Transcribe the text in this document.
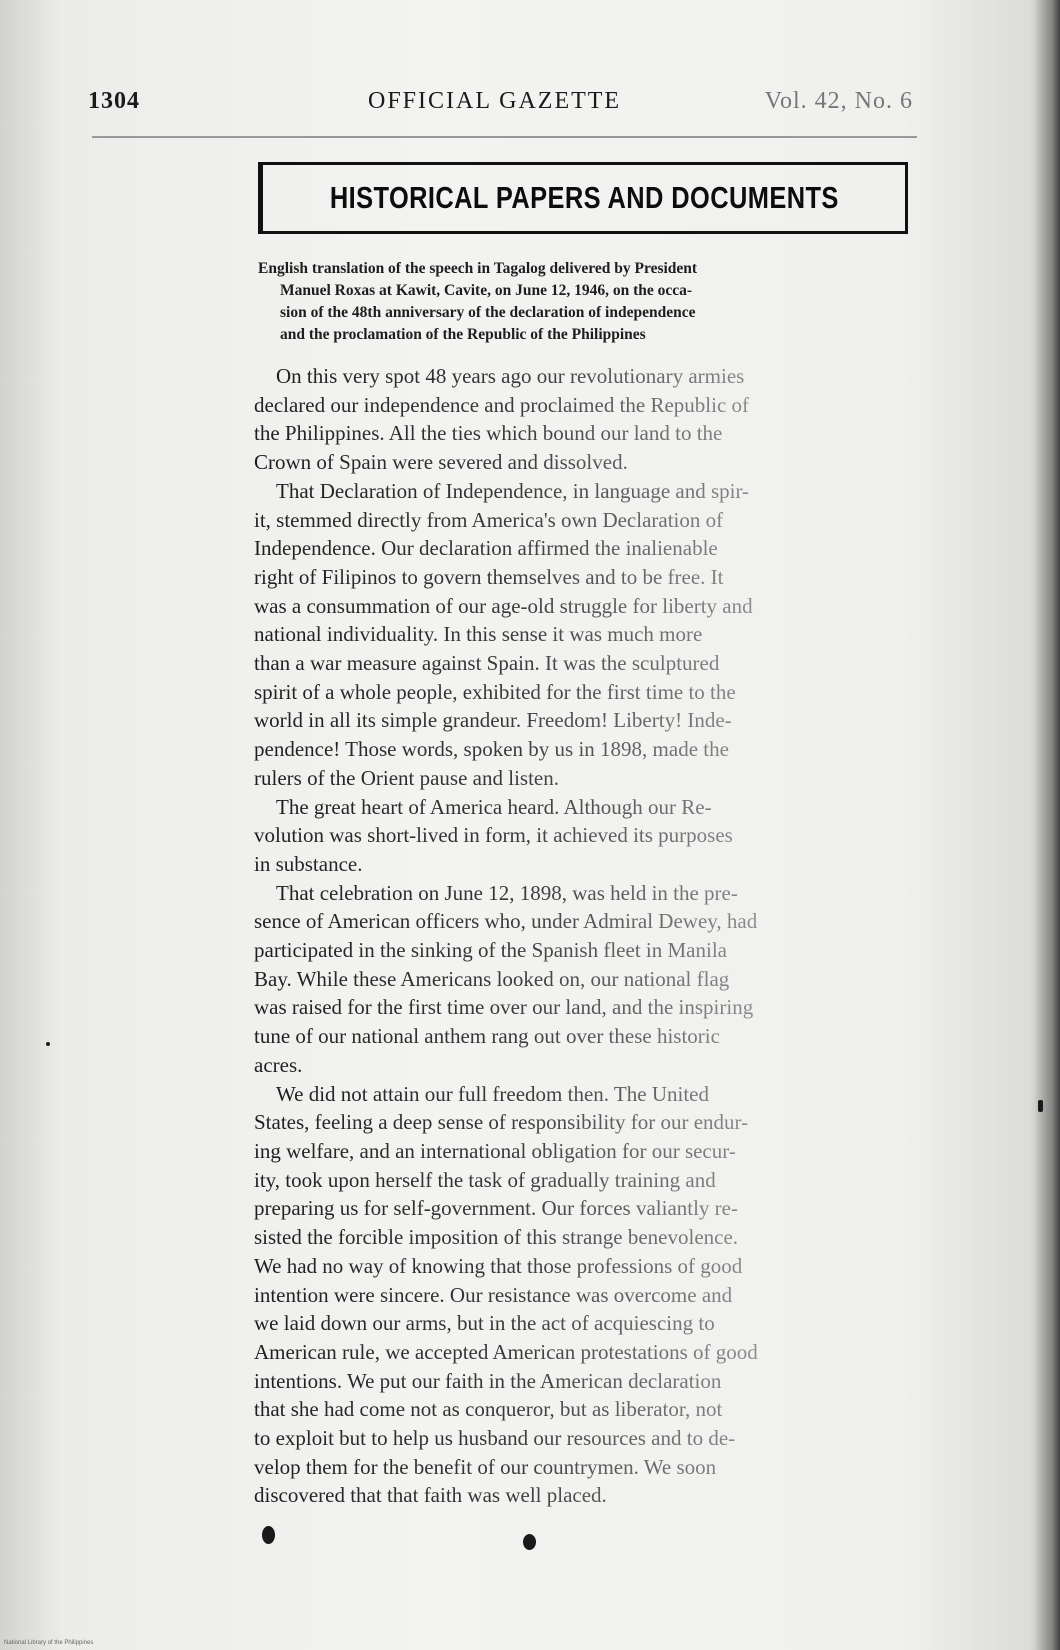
1304	OFFICIAL GAZETTE	Vol. 42, No. 6
HISTORICAL PAPERS AND DOCUMENTS
English translation of the speech in Tagalog delivered by President
Manuel Roxas at Kawit, Cavite, on June 12, 1946, on the occa-
sion of the 48th anniversary of the declaration of independence
and the proclamation of the Republic of the Philippines

On this very spot 48 years ago our revolutionary armies
declared our independence and proclaimed the Republic of
the Philippines. All the ties which bound our land to the
Crown of Spain were severed and dissolved.

That Declaration of Independence, in language and spir-
it, stemmed directly from America's own Declaration of
Independence. Our declaration affirmed the inalienable
right of Filipinos to govern themselves and to be free. It
was a consummation of our age-old struggle for liberty and
national individuality. In this sense it was much more
than a war measure against Spain. It was the sculptured
spirit of a whole people, exhibited for the first time to the
world in all its simple grandeur. Freedom! Liberty! Inde-
pendence! Those words, spoken by us in 1898, made the
rulers of the Orient pause and listen.

The great heart of America heard. Although our Re-
volution was short-lived in form, it achieved its purposes
in substance.

That celebration on June 12, 1898, was held in the pre-
sence of American officers who, under Admiral Dewey, had
participated in the sinking of the Spanish fleet in Manila
Bay. While these Americans looked on, our national flag
was raised for the first time over our land, and the inspiring
tune of our national anthem rang out over these historic
acres.

We did not attain our full freedom then. The United
States, feeling a deep sense of responsibility for our endur-
ing welfare, and an international obligation for our secur-
ity, took upon herself the task of gradually training and
preparing us for self-government. Our forces valiantly re-
sisted the forcible imposition of this strange benevolence.
We had no way of knowing that those professions of good
intention were sincere. Our resistance was overcome and
we laid down our arms, but in the act of acquiescing to
American rule, we accepted American protestations of good
intentions. We put our faith in the American declaration
that she had come not as conqueror, but as liberator, not
to exploit but to help us husband our resources and to de-
velop them for the benefit of our countrymen. We soon
discovered that that faith was well placed.

National Library of the Philippines
